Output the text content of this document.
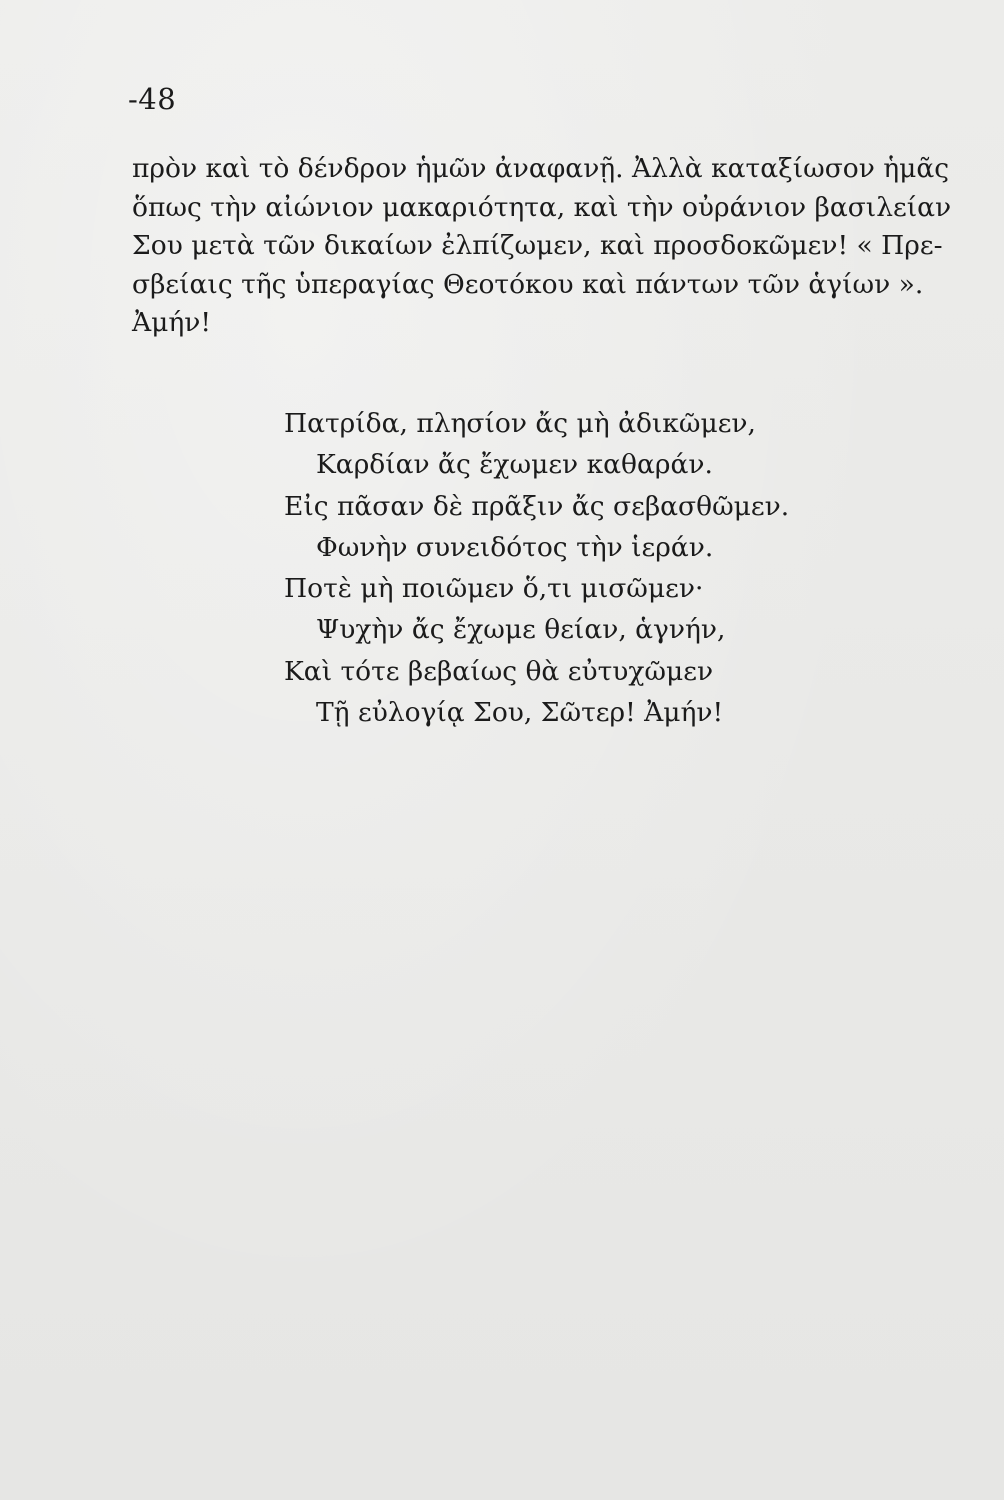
-48
πρὸν καὶ τὸ δένδρον ἡμῶν ἀναφανῇ. Ἀλλὰ καταξίωσον ἡμᾶς
ὅπως τὴν αἰώνιον μακαριότητα, καὶ τὴν οὐράνιον βασιλείαν
Σου μετὰ τῶν δικαίων ἐλπίζωμεν, καὶ προσδοκῶμεν! « Πρε-
σβείαις τῆς ὑπεραγίας Θεοτόκου καὶ πάντων τῶν ἁγίων ».
Ἀμήν!
Πατρίδα, πλησίον ἄς μὴ ἀδικῶμεν,
Καρδίαν ἄς ἔχωμεν καθαράν.
Εἰς πᾶσαν δὲ πρᾶξιν ἄς σεβασθῶμεν.
Φωνὴν συνειδότος τὴν ἱεράν.
Ποτὲ μὴ ποιῶμεν ὅ,τι μισῶμεν·
Ψυχὴν ἄς ἔχωμε θείαν, ἁγνήν,
Καὶ τότε βεβαίως θὰ εὐτυχῶμεν
Τῇ εὐλογίᾳ Σου, Σῶτερ! Ἀμήν!
